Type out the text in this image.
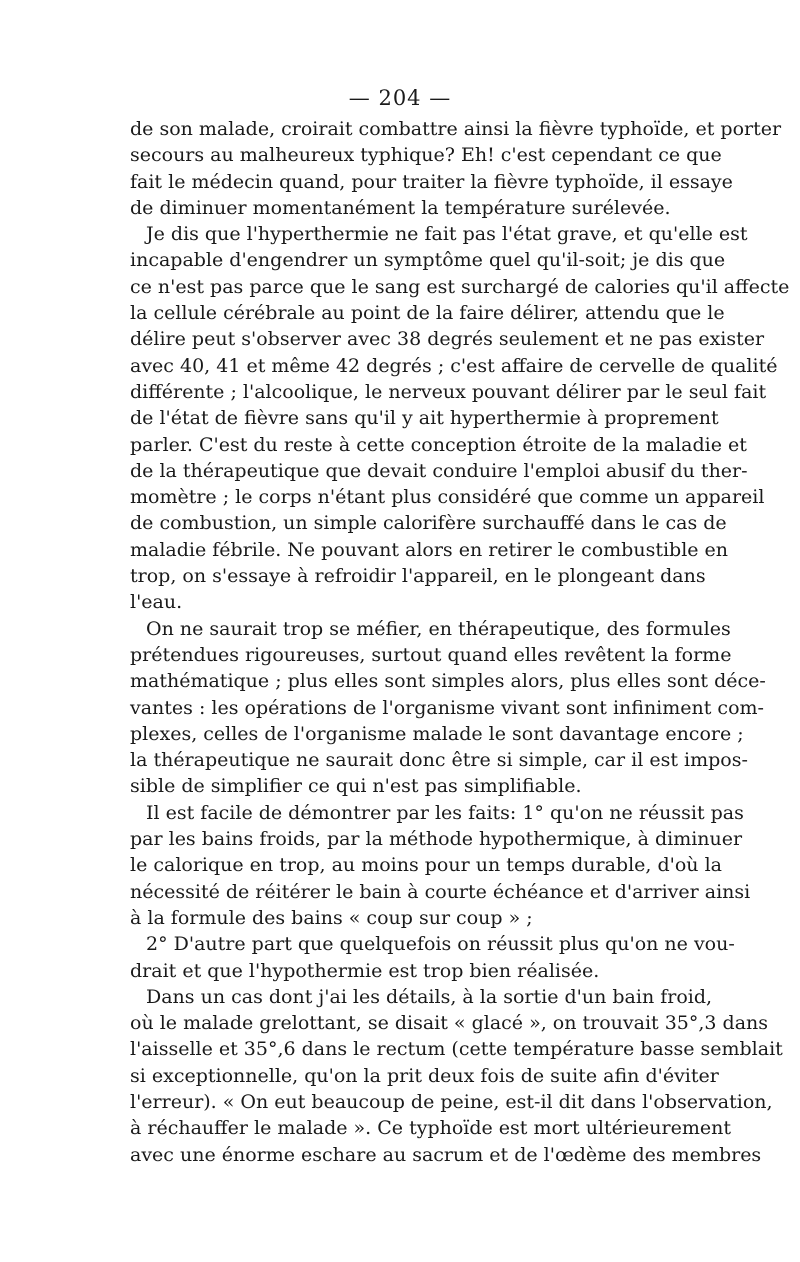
— 204 —
de son malade, croirait combattre ainsi la fièvre typhoïde, et porter
secours au malheureux typhique? Eh! c'est cependant ce que
fait le médecin quand, pour traiter la fièvre typhoïde, il essaye
de diminuer momentanément la température surélevée.
Je dis que l'hyperthermie ne fait pas l'état grave, et qu'elle est
incapable d'engendrer un symptôme quel qu'il-soit; je dis que
ce n'est pas parce que le sang est surchargé de calories qu'il affecte
la cellule cérébrale au point de la faire délirer, attendu que le
délire peut s'observer avec 38 degrés seulement et ne pas exister
avec 40, 41 et même 42 degrés ; c'est affaire de cervelle de qualité
différente ; l'alcoolique, le nerveux pouvant délirer par le seul fait
de l'état de fièvre sans qu'il y ait hyperthermie à proprement
parler. C'est du reste à cette conception étroite de la maladie et
de la thérapeutique que devait conduire l'emploi abusif du ther-
momètre ; le corps n'étant plus considéré que comme un appareil
de combustion, un simple calorifère surchauffé dans le cas de
maladie fébrile. Ne pouvant alors en retirer le combustible en
trop, on s'essaye à refroidir l'appareil, en le plongeant dans
l'eau.
On ne saurait trop se méfier, en thérapeutique, des formules
prétendues rigoureuses, surtout quand elles revêtent la forme
mathématique ; plus elles sont simples alors, plus elles sont déce-
vantes : les opérations de l'organisme vivant sont infiniment com-
plexes, celles de l'organisme malade le sont davantage encore ;
la thérapeutique ne saurait donc être si simple, car il est impos-
sible de simplifier ce qui n'est pas simplifiable.
Il est facile de démontrer par les faits: 1° qu'on ne réussit pas
par les bains froids, par la méthode hypothermique, à diminuer
le calorique en trop, au moins pour un temps durable, d'où la
nécessité de réitérer le bain à courte échéance et d'arriver ainsi
à la formule des bains « coup sur coup » ;
2° D'autre part que quelquefois on réussit plus qu'on ne vou-
drait et que l'hypothermie est trop bien réalisée.
Dans un cas dont j'ai les détails, à la sortie d'un bain froid,
où le malade grelottant, se disait « glacé », on trouvait 35°,3 dans
l'aisselle et 35°,6 dans le rectum (cette température basse semblait
si exceptionnelle, qu'on la prit deux fois de suite afin d'éviter
l'erreur). « On eut beaucoup de peine, est-il dit dans l'observation,
à réchauffer le malade ». Ce typhoïde est mort ultérieurement
avec une énorme eschare au sacrum et de l'œdème des membres
